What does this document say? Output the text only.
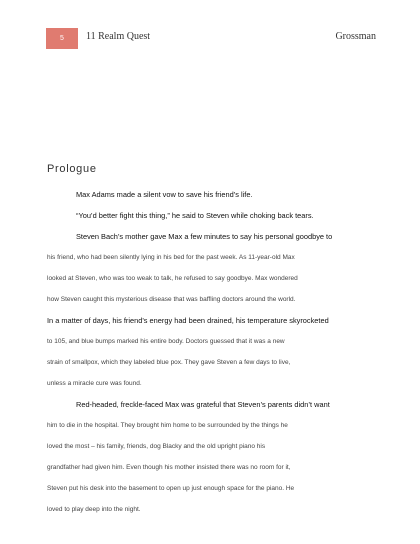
5	11 Realm Quest	Grossman
Prologue
Max Adams made a silent vow to save his friend’s life.
“You’d better fight this thing,” he said to Steven while choking back tears.
Steven Bach’s mother gave Max a few minutes to say his personal goodbye to
his friend, who had been silently lying in his bed for the past week. As 11-year-old Max
looked at Steven, who was too weak to talk, he refused to say goodbye. Max wondered
how Steven caught this mysterious disease that was baffling doctors around the world.
In a matter of days, his friend’s energy had been drained, his temperature skyrocketed
to 105, and blue bumps marked his entire body. Doctors guessed that it was a new
strain of smallpox, which they labeled blue pox. They gave Steven a few days to live,
unless a miracle cure was found.
Red-headed, freckle-faced Max was grateful that Steven’s parents didn’t want
him to die in the hospital. They brought him home to be surrounded by the things he
loved the most – his family, friends, dog Blacky and the old upright piano his
grandfather had given him. Even though his mother insisted there was no room for it,
Steven put his desk into the basement to open up just enough space for the piano. He
loved to play deep into the night.
